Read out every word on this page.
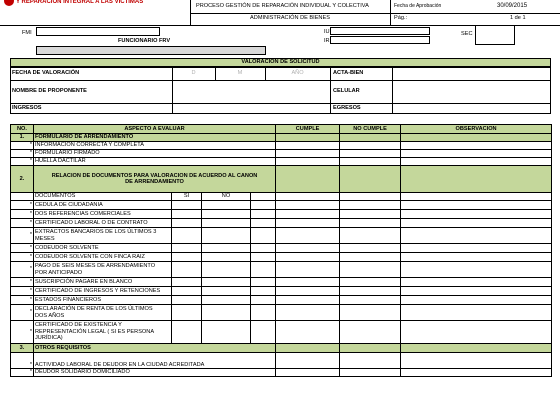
Y REPARACIÓN INTEGRAL A LAS VÍCTIMAS
PROCESO GESTIÓN DE REPARACIÓN INDIVIDUAL Y COLECTIVA	Fecha de Aprobación	30/09/2015
ADMINISTRACIÓN DE BIENES	Pág.:	1 de 1
FMI
FUNCIONARIO FRV
IU
IR
SEC
VALORACIÓN DE SOLICITUD
FECHA DE VALORACIÓN	D	M	AÑO	ACTA-BIEN
NOMBRE DE PROPONENTE	CELULAR
INGRESOS	EGRESOS
NO.	ASPECTO A EVALUAR				CUMPLE	NO CUMPLE	OBSERVACION
1.	FORMULARIO DE ARRENDAMIENTO						
*	INFORMACIÓN CORRECTA Y COMPLETA						
*	FORMULARIO FIRMADO						
*	HUELLA DACTILAR						
2.	RELACION DE DOCUMENTOS PARA VALORACION DE ACUERDO AL CANON
DE ARRENDAMIENTO						

	DOCUMENTOS	SI	NO				
*	CEDULA DE CIUDADANIA						

*	DOS REFERENCIAS COMERCIALES						

*	CERTIFICADO LABORAL O DE CONTRATO						

*	EXTRACTOS BANCARIOS DE LOS ÚLTIMOS 3
MESES						

*	CODEUDOR SOLVENTE						

*	CODEUDOR SOLVENTE CON FINCA RAIZ						

*	PAGO DE SEIS MESES DE ARRENDAMIENTO
POR ANTICIPADO						

*	SUSCRIPCIÓN PAGARE EN BLANCO						

*	CERTIFICADO DE INGRESOS Y RETENCIONES						

*	ESTADOS FINANCIEROS						

*	DECLARACIÓN DE RENTA DE LOS ÚLTIMOS
DOS AÑOS						

*	CERTIFICADO DE EXISTENCIA Y
REPRESENTACIÓN LEGAL ( SI ES PERSONA
JURÍDICA)						

3.	OTROS REQUISITOS						
*	ACTIVIDAD LABORAL DE DEUDOR EN LA CIUDAD ACREDITADA						
*	DEUDOR SOLIDARIO DOMICILIADO						
